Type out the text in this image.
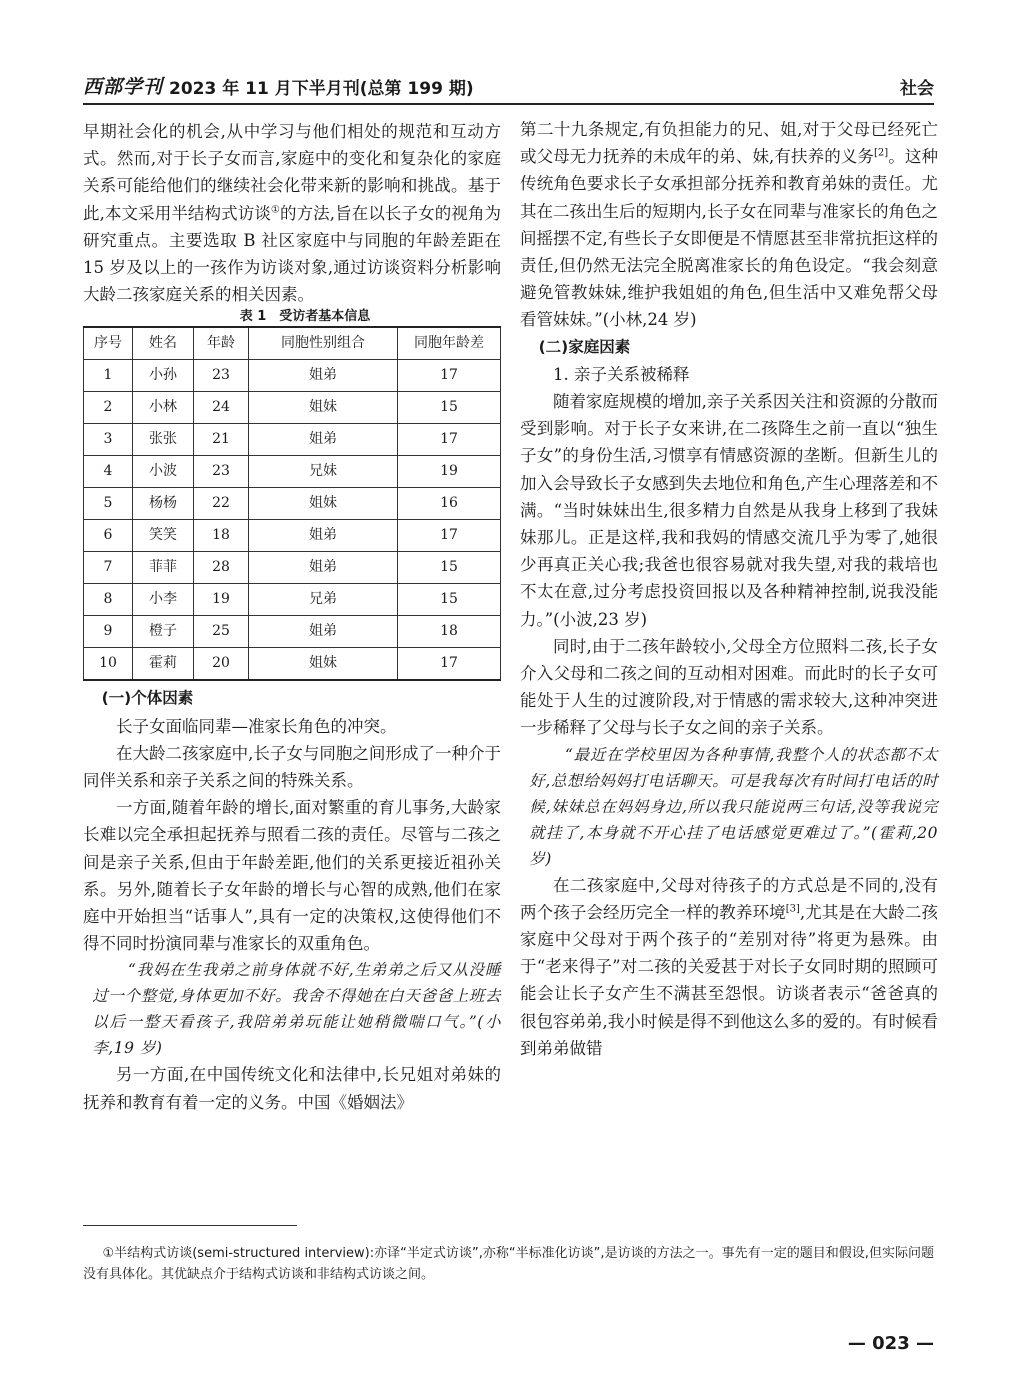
西部学刊 2023 年 11 月下半月刊(总第 199 期)	社会

早期社会化的机会,从中学习与他们相处的规范和互动方式。然而,对于长子女而言,家庭中的变化和复杂化的家庭关系可能给他们的继续社会化带来新的影响和挑战。基于此,本文采用半结构式访谈①的方法,旨在以长子女的视角为研究重点。主要选取 B 社区家庭中与同胞的年龄差距在 15 岁及以上的一孩作为访谈对象,通过访谈资料分析影响大龄二孩家庭关系的相关因素。

表 1　受访者基本信息

序号	姓名	年龄	同胞性别组合	同胞年龄差
1	小孙	23	姐弟	17
2	小林	24	姐妹	15
3	张张	21	姐弟	17
4	小波	23	兄妹	19
5	杨杨	22	姐妹	16
6	笑笑	18	姐弟	17
7	菲菲	28	姐弟	15
8	小李	19	兄弟	15
9	橙子	25	姐弟	18
10	霍莉	20	姐妹	17

(一)个体因素

长子女面临同辈—准家长角色的冲突。

在大龄二孩家庭中,长子女与同胞之间形成了一种介于同伴关系和亲子关系之间的特殊关系。

一方面,随着年龄的增长,面对繁重的育儿事务,大龄家长难以完全承担起抚养与照看二孩的责任。尽管与二孩之间是亲子关系,但由于年龄差距,他们的关系更接近祖孙关系。另外,随着长子女年龄的增长与心智的成熟,他们在家庭中开始担当“话事人”,具有一定的决策权,这使得他们不得不同时扮演同辈与准家长的双重角色。

“我妈在生我弟之前身体就不好,生弟弟之后又从没睡过一个整觉,身体更加不好。我舍不得她在白天爸爸上班去以后一整天看孩子,我陪弟弟玩能让她稍微喘口气。”(小李,19 岁)

另一方面,在中国传统文化和法律中,长兄姐对弟妹的抚养和教育有着一定的义务。中国《婚姻法》

第二十九条规定,有负担能力的兄、姐,对于父母已经死亡或父母无力抚养的未成年的弟、妹,有扶养的义务[2]。这种传统角色要求长子女承担部分抚养和教育弟妹的责任。尤其在二孩出生后的短期内,长子女在同辈与准家长的角色之间摇摆不定,有些长子女即便是不情愿甚至非常抗拒这样的责任,但仍然无法完全脱离准家长的角色设定。“我会刻意避免管教妹妹,维护我姐姐的角色,但生活中又难免帮父母看管妹妹。”(小林,24 岁)

(二)家庭因素

1. 亲子关系被稀释

随着家庭规模的增加,亲子关系因关注和资源的分散而受到影响。对于长子女来讲,在二孩降生之前一直以“独生子女”的身份生活,习惯享有情感资源的垄断。但新生儿的加入会导致长子女感到失去地位和角色,产生心理落差和不满。“当时妹妹出生,很多精力自然是从我身上移到了我妹妹那儿。正是这样,我和我妈的情感交流几乎为零了,她很少再真正关心我;我爸也很容易就对我失望,对我的栽培也不太在意,过分考虑投资回报以及各种精神控制,说我没能力。”(小波,23 岁)

同时,由于二孩年龄较小,父母全方位照料二孩,长子女介入父母和二孩之间的互动相对困难。而此时的长子女可能处于人生的过渡阶段,对于情感的需求较大,这种冲突进一步稀释了父母与长子女之间的亲子关系。

“最近在学校里因为各种事情,我整个人的状态都不太好,总想给妈妈打电话聊天。可是我每次有时间打电话的时候,妹妹总在妈妈身边,所以我只能说两三句话,没等我说完就挂了,本身就不开心挂了电话感觉更难过了。”(霍莉,20 岁)

在二孩家庭中,父母对待孩子的方式总是不同的,没有两个孩子会经历完全一样的教养环境[3],尤其是在大龄二孩家庭中父母对于两个孩子的“差别对待”将更为悬殊。由于“老来得子”对二孩的关爱甚于对长子女同时期的照顾可能会让长子女产生不满甚至怨恨。访谈者表示“爸爸真的很包容弟弟,我小时候是得不到他这么多的爱的。有时候看到弟弟做错

①半结构式访谈(semi-structured interview):亦译“半定式访谈”,亦称“半标准化访谈”,是访谈的方法之一。事先有一定的题目和假设,但实际问题没有具体化。其优缺点介于结构式访谈和非结构式访谈之间。

— 023 —
